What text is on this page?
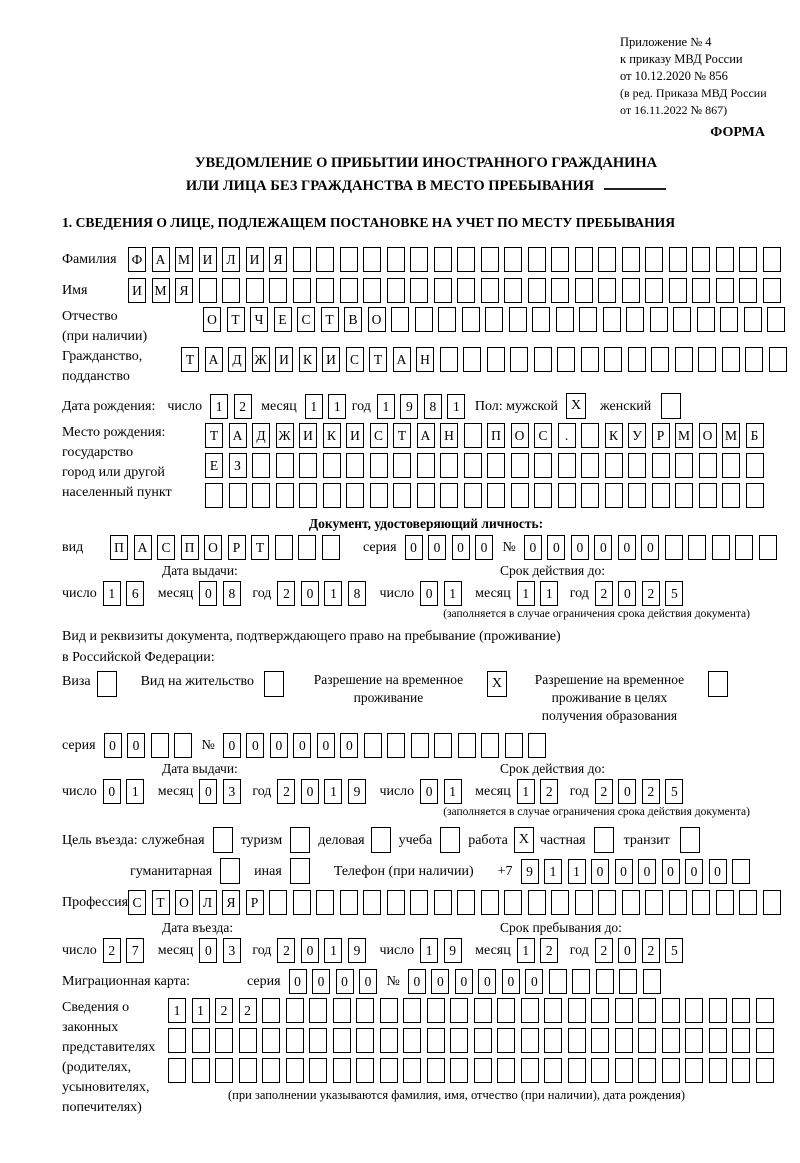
Приложение № 4
к приказу МВД России
от 10.12.2020 № 856
(в ред. Приказа МВД России
от 16.11.2022 № 867)
ФОРМА
УВЕДОМЛЕНИЕ О ПРИБЫТИИ ИНОСТРАННОГО ГРАЖДАНИНА
ИЛИ ЛИЦА БЕЗ ГРАЖДАНСТВА В МЕСТО ПРЕБЫВАНИЯ
1. СВЕДЕНИЯ О ЛИЦЕ, ПОДЛЕЖАЩЕМ ПОСТАНОВКЕ НА УЧЕТ ПО МЕСТУ ПРЕБЫВАНИЯ
Фамилия	Ф А М И	Л	И	Я
Имя	И М Я
Отчество
(при наличии)
О	Т	Ч	Е	С	Т	В	О
Гражданство,
подданство
Т	А	Д Ж И	К	И	С	Т	А	Н
Дата рождения: число	1	2	месяц	1	1 год 1	9	8	1	Пол: мужской X	женский
Место рождения:
государство
город или другой
населенный пункт
Т	А	Д Ж И	К	И	С	Т	А	Н	П	О	С	.	К	У	Р	М О М	Б
Е	З
Документ, удостоверяющий личность:
вид	П	А	С	П	О	Р	Т	серия	0	0	0	0	№	0	0	0	0	0	0
Дата выдачи:	Срок действия до:
число 1	6	месяц 0	8	год 2	0	1	8	число 0	1	месяц 1	1	год 2	0	2	5
(заполняется в случае ограничения срока действия документа)
Вид и реквизиты документа, подтверждающего право на пребывание (проживание)
в Российской Федерации:
Виза	Вид на жительство	Разрешение на временное
проживание
X	Разрешение на временное
проживание в целях
получения образования
серия	0	0	№	0	0	0	0	0	0
Дата выдачи:	Срок действия до:
число 0	1	месяц 0	3	год 2	0	1	9	число 0	1	месяц 1	2	год 2	0	2	5
(заполняется в случае ограничения срока действия документа)
Цель въезда: служебная	туризм	деловая учеба	работа X частная	транзит
гуманитарная	иная	Телефон (при наличии) +7	9	1	1	0	0	0	0	0	0
Профессия С	Т	О	Л	Я	Р
Дата въезда:	Срок пребывания до:
число 2	7	месяц 0	3	год 2	0	1	9	число 1	9	месяц 1	2	год 2	0	2	5
Миграционная карта:	серия	0	0	0	0	№	0	0	0	0	0	0
Сведения о
законных
представителях
(родителях,
усыновителях,
попечителях)
1	1	2	2
(при заполнении указываются фамилия, имя, отчество (при наличии), дата рождения)
